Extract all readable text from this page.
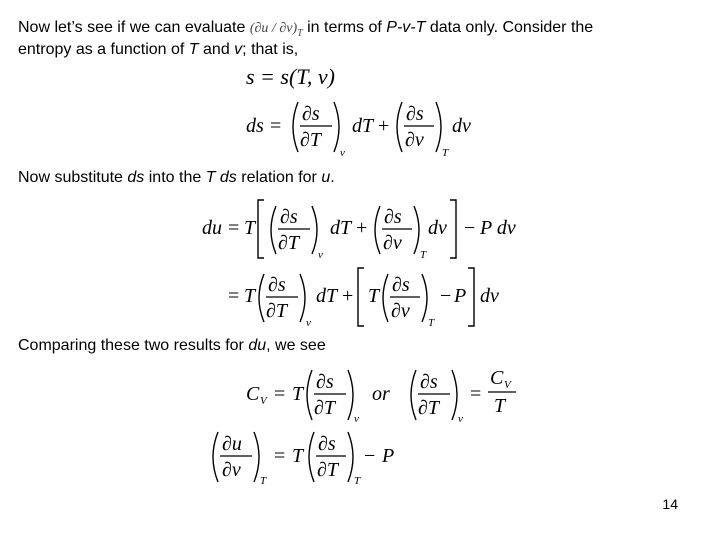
Now let’s see if we can evaluate $(\partial u / \partial v)_T$ in terms of P-v-T data only. Consider the
entropy as a function of T and v; that is,
s = s(T, v)
ds =
∂s
∂T
v
dT +
∂s
∂v
T
dv
Now substitute ds into the T ds relation for u.
du = T ∂s
∂T
v
dT + ∂s
∂v
T
dv − P dv
= T ∂s
∂T
v
dT + T ∂s
∂v
T
− P dv
Comparing these two results for du, we see
C V = T
∂s
∂T v
or
∂s
∂T v
=
C V
T
∂u
∂v T
= T
∂s
∂T T
− P
14
